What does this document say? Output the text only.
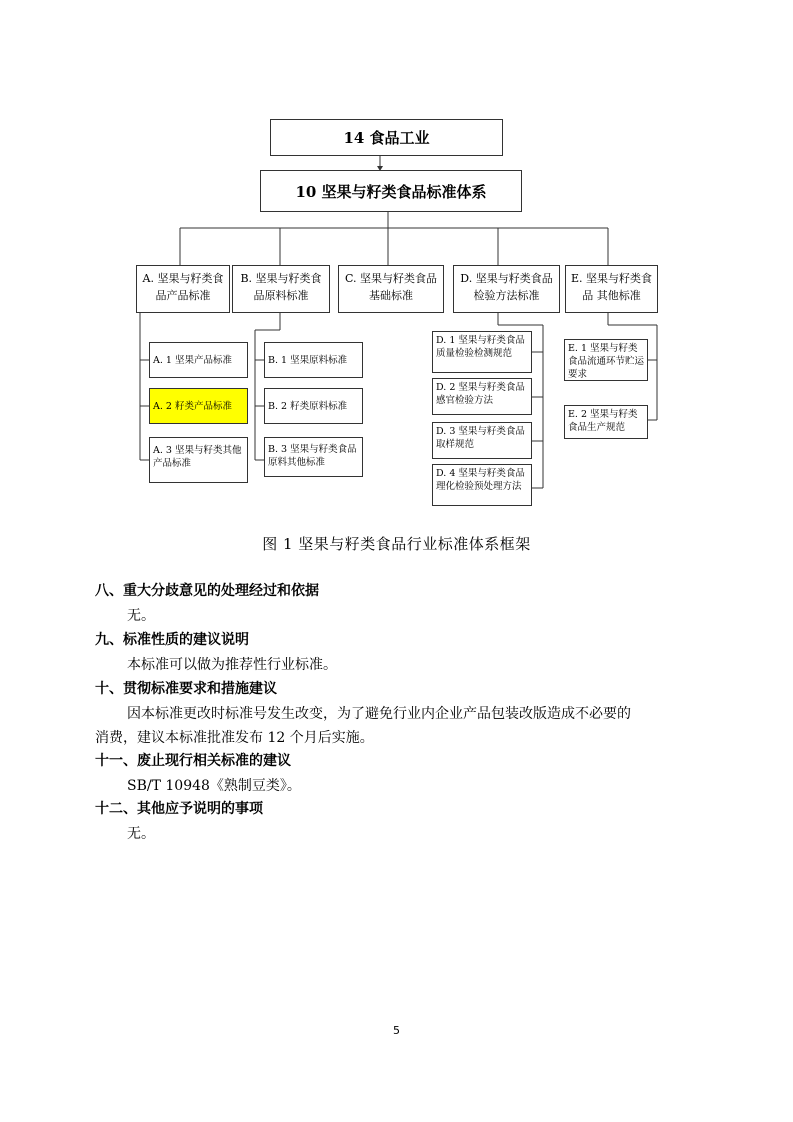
14 食品工业
10 坚果与籽类食品标准体系
A. 坚果与籽类食品产品标准
B. 坚果与籽类食品原料标准
C. 坚果与籽类食品 基础标准
D. 坚果与籽类食品 检验方法标准
E. 坚果与籽类食品 其他标准
A. 1 坚果产品标准
A. 2 籽类产品标准
A. 3 坚果与籽类其他产品标准
B. 1 坚果原料标准
B. 2 籽类原料标准
B. 3 坚果与籽类食品原料其他标准
D. 1 坚果与籽类食品质量检验检测规范
D. 2 坚果与籽类食品 感官检验方法
D. 3 坚果与籽类食品 取样规范
D. 4 坚果与籽类食品 理化检验预处理方法
E. 1 坚果与籽类食品流通环节贮运要求
E. 2 坚果与籽类食品生产规范
图 1 坚果与籽类食品行业标准体系框架
八、重大分歧意见的处理经过和依据
无。
九、标准性质的建议说明
本标准可以做为推荐性行业标准。
十、贯彻标准要求和措施建议
因本标准更改时标准号发生改变，为了避免行业内企业产品包装改版造成不必要的
消费，建议本标准批准发布 12 个月后实施。
十一、废止现行相关标准的建议
SB/T 10948《熟制豆类》。
十二、其他应予说明的事项
无。
5
